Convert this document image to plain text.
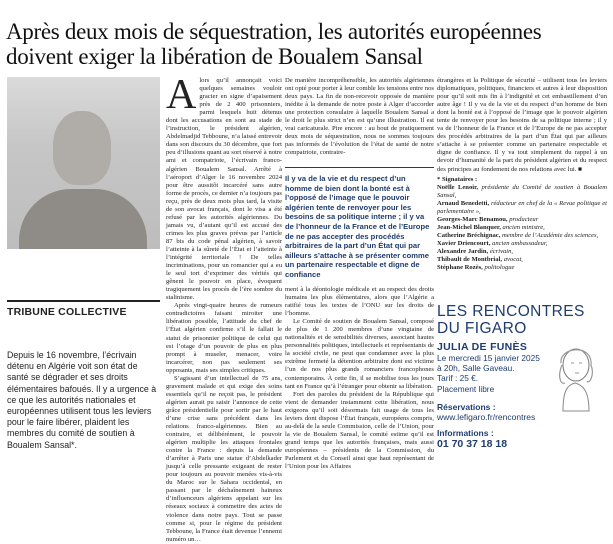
Après deux mois de séquestration, les autorités européennes doivent exiger la libération de Boualem Sansal
TRIBUNE COLLECTIVE
Depuis le 16 novembre, l’écrivain détenu en Algérie voit son état de santé se dégrader et ses droits élémentaires bafoués. Il y a urgence à ce que les autorités nationales et européennes utilisent tous les leviers pour le faire libérer, plaident les membres du comité de soutien à Boualem Sansal*.

Alors qu’il annonçait voici quelques semaines vouloir gracier en signe d’apaisement près de 2 400 prisonniers, parmi lesquels huit détenus dont les accusations en sont au stade de l’instruction, le président algérien, Abdelmadjid Tebboune, n’a laissé entrevoir dans son discours du 30 décembre, que fort peu d’illusions quant au sort réservé à notre ami et compatriote, l’écrivain franco-algérien Boualem Sansal. Arrêté à l’aéroport d’Alger le 16 novembre 2024 pour être aussitôt incarcéré sans autre forme de procès, ce dernier n’a toujours pas reçu, près de deux mois plus tard, la visite de son avocat français, dont le visa a été refusé par les autorités algériennes. Du jamais vu, d’autant qu’il est accusé des crimes les plus graves prévus par l’article 87 bis du code pénal algérien, à savoir l’atteinte à la sûreté de l’État et l’atteinte à l’intégrité territoriale ! De telles incriminations, pour un romancier qui a eu le seul tort d’exprimer des vérités qui gênent le pouvoir en place, évoquent tragiquement les procès de l’ère sombre du stalinisme.

Après vingt-quatre heures de rumeurs contradictoires faisant miroiter une libération possible, l’attitude du chef de l’État algérien confirme s’il le fallait le statut de prisonnier politique de celui qui est l’otage d’un pouvoir de plus en plus prompt à museler, menacer, voire incarcérer, non pas seulement ses opposants, mais ses simples critiques.

S’agissant d’un intellectuel de 75 ans, gravement malade et qui exige des soins essentiels qu’il ne reçoit pas, le président algérien aurait pu saisir l’annonce de cette grâce présidentielle pour sortir par le haut d’une crise sans précédent dans les relations franco-algériennes. Bien au contraire, et délibérément, le pouvoir algérien multiplie les attaques frontales contre la France : depuis la demande d’arrêter à Paris une statue d’Abdelkader jusqu’à celle pressante exigeant de rester pour toujours au pouvoir menées vis-à-vis du Maroc sur le Sahara occidental, en passant par le déchaînement haineux d’influenceurs algériens appelant sur les réseaux sociaux à commettre des actes de violence dans notre pays. Tout se passe comme si, pour le régime du président Tebboune, la France était devenue l’ennemi numéro un…

De manière incompréhensible, les autorités algériennes ont opté pour porter à leur comble les tensions entre nos deux pays. La fin de non-recevoir opposée de manière inédite à la demande de notre poste à Alger d’accorder une protection consulaire à laquelle Boualem Sansal a le droit le plus strict n’en est qu’une illustration. Il est vrai caricaturale. Pire encore : au bout de pratiquement deux mois de séquestration, nous ne sommes toujours pas informés de l’évolution de l’état de santé de notre compatriote, contraire-

Il y va de la vie et du respect d’un homme de bien dont la bonté est à l’opposé de l’image que le pouvoir algérien tente de renvoyer pour les besoins de sa politique interne ; il y va de l’honneur de la France et de l’Europe de ne pas accepter des procédés arbitraires de la part d’un État qui par ailleurs s’attache à se présenter comme un partenaire respectable et digne de confiance

ment à la déontologie médicale et au respect des droits humains les plus élémentaires, alors que l’Algérie a ratifié tous les textes de l’ONU sur les droits de l’homme.

Le Comité de soutien de Boualem Sansal, composé de plus de 1 200 membres d’une vingtaine de nationalités et de sensibilités diverses, associant hautes personnalités politiques, intellectuels et représentants de la société civile, ne peut que condamner avec la plus extrême fermeté la détention arbitraire dont est victime l’un de nos plus grands romanciers francophones contemporains. À cette fin, il se mobilise tous les jours tant en France qu’à l’étranger pour obtenir sa libération.

Fort des paroles du président de la République qui vient de demander instamment cette libération, nous exigeons qu’il soit désormais fait usage de tous les leviers dont dispose l’État français, européens compris, au-delà de la seule Commission, celle de l’Union, pour la vie de Boualem Sansal, le comité estime qu’il est grand temps que les autorités françaises, mais aussi européennes – présidents de la Commission, du Parlement et du Conseil ainsi que haut représentant de l’Union pour les Affaires

étrangères et la Politique de sécurité – utilisent tous les leviers diplomatiques, politiques, financiers et autres à leur disposition pour qu’il soit mis fin à l’indignité et cet embastillement d’un autre âge ! Il y va de la vie et du respect d’un homme de bien dont la bonté est à l’opposé de l’image que le pouvoir algérien tente de renvoyer pour les besoins de sa politique interne ; il y va de l’honneur de la France et de l’Europe de ne pas accepter des procédés arbitraires de la part d’un État qui par ailleurs s’attache à se présenter comme un partenaire respectable et digne de confiance. Il y va tout simplement du rappel à un devoir d’humanité de la part du président algérien et du respect des principes au fondement de nos relations avec lui. ■

* Signataires :
Noëlle Lenoir, présidente du Comité de soutien à Boualem Sansal,
Arnaud Benedetti, rédacteur en chef de la « Revue politique et parlementaire »,
Georges-Marc Benamou, producteur
Jean-Michel Blanquer, ancien ministre,
Catherine Bréchignac, membre de l’Académie des sciences,
Xavier Driencourt, ancien ambassadeur,
Alexandre Jardin, écrivain,
Thibault de Montbrial, avocat,
Stéphane Rozès, politologue
LES RENCONTRES DU FIGARO
JULIA DE FUNÈS
Le mercredi 15 janvier 2025
à 20h, Salle Gaveau.
Tarif : 25 €.
Placement libre
Réservations :
www.lefigaro.fr/rencontres
Informations :
01 70 37 18 18
